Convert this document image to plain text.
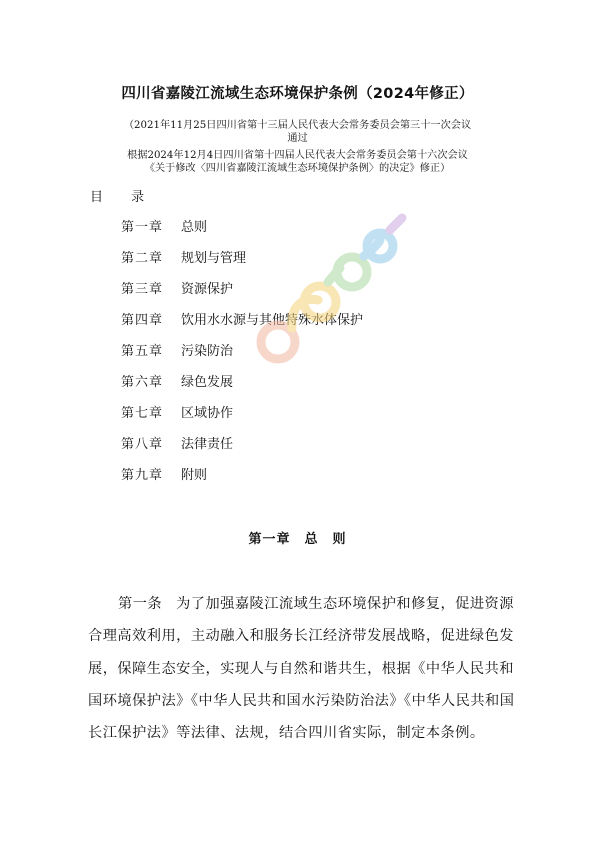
四川省嘉陵江流域生态环境保护条例（2024年修正）
（2021年11月25日四川省第十三届人民代表大会常务委员会第三十一次会议
通过
根据2024年12月4日四川省第十四届人民代表大会常务委员会第十六次会议
《关于修改〈四川省嘉陵江流域生态环境保护条例〉的决定》修正）
目 录
第一章 总则
第二章 规划与管理
第三章 资源保护
第四章 饮用水水源与其他特殊水体保护
第五章 污染防治
第六章 绿色发展
第七章 区域协作
第八章 法律责任
第九章 附则
第一章　总　则

第一条 为了加强嘉陵江流域生态环境保护和修复，促进资源合理高效利用，主动融入和服务长江经济带发展战略，促进绿色发展，保障生态安全，实现人与自然和谐共生，根据《中华人民共和国环境保护法》《中华人民共和国水污染防治法》《中华人民共和国长江保护法》等法律、法规，结合四川省实际，制定本条例。
